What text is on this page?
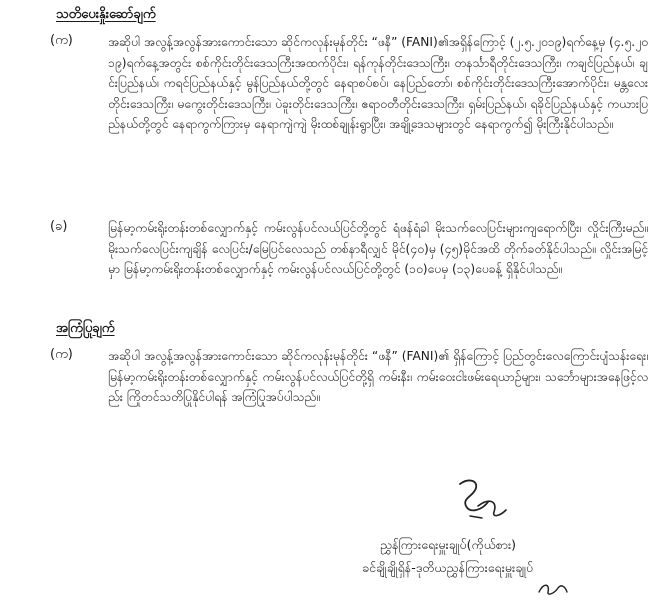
သတိပေးနှိုးဆော်ချက်
(က)	အဆိုပါ အလွန့်အလွန်အားကောင်းသော ဆိုင်ကလုန်းမုန်တိုင်း “ဖနီ” (FANI)၏အရှိန်ကြောင့် (၂.၅.၂၀၁၉)ရက်နေ့မှ (၄.၅.၂၀၁၉)ရက်နေ့အတွင်း စစ်ကိုင်းတိုင်းဒေသကြီးအထက်ပိုင်း၊ ရန်ကုန်တိုင်းဒေသကြီး၊ တနင်္သာရီတိုင်းဒေသကြီး၊ ကချင်ပြည်နယ်၊ ချင်းပြည်နယ်၊ ကရင်ပြည်နယ်နှင့် မွန်ပြည်နယ်တို့တွင် နေရာစပ်စပ်၊ နေပြည်တော်၊ စစ်ကိုင်းတိုင်းဒေသကြီးအောက်ပိုင်း၊ မန္တလေးတိုင်းဒေသကြီး၊ မကွေးတိုင်းဒေသကြီး၊ ပဲခူးတိုင်းဒေသကြီး၊ ဧရာဝတီတိုင်းဒေသကြီး၊ ရှမ်းပြည်နယ်၊ ရခိုင်ပြည်နယ်နှင့် ကယားပြည်နယ်တို့တွင် နေရာကွက်ကြားမှ နေရာကျဲကျဲ မိုးထစ်ချုန်းရွာပြီး၊ အချို့ဒေသများတွင် နေရာကွက်၍ မိုးကြီးနိုင်ပါသည်။
(ခ)	မြန်မာ့ကမ်းရိုးတန်းတစ်လျှောက်နှင့် ကမ်းလွန်ပင်လယ်ပြင်တို့တွင် ရံဖန်ရံခါ မိုးသက်လေပြင်းများကျရောက်ပြီး၊ လှိုင်းကြီးမည်။ မိုးသက်လေပြင်းကျချိန် လေပြင်း/မြေပြင်လေသည် တစ်နာရီလျှင် မိုင်(၄၀)မှ (၄၅)မိုင်အထိ တိုက်ခတ်နိုင်ပါသည်။ လှိုင်းအမြင့်မှာ မြန်မာ့ကမ်းရိုးတန်းတစ်လျှောက်နှင့် ကမ်းလွန်ပင်လယ်ပြင်တို့တွင် (၁၀)ပေမှ (၁၃)ပေခန့် ရှိနိုင်ပါသည်။
အကြံပြုချက်
(က)	အဆိုပါ အလွန့်အလွန်အားကောင်းသော ဆိုင်ကလုန်းမုန်တိုင်း “ဖနီ” (FANI)၏ ရှိန်ကြောင့် ပြည်တွင်းလေကြောင်းပျံသန်းရေး၊ မြန်မာ့ကမ်းရိုးတန်းတစ်လျှောက်နှင့် ကမ်းလွန်ပင်လယ်ပြင်တို့ရှိ ကမ်းနီး၊ ကမ်းဝေးငါးဖမ်းရေယာဉ်များ၊ သင်္ဘောများအနေဖြင့်လည်း ကြိုတင်သတိပြုနိုင်ပါရန် အကြံပြုအပ်ပါသည်။
ညွှန်ကြားရေးမှူးချုပ်(ကိုယ်စား)
ခင်ချိုချိုရှိန်-ဒုတိယညွှန်ကြားရေးမှူးချုပ်
